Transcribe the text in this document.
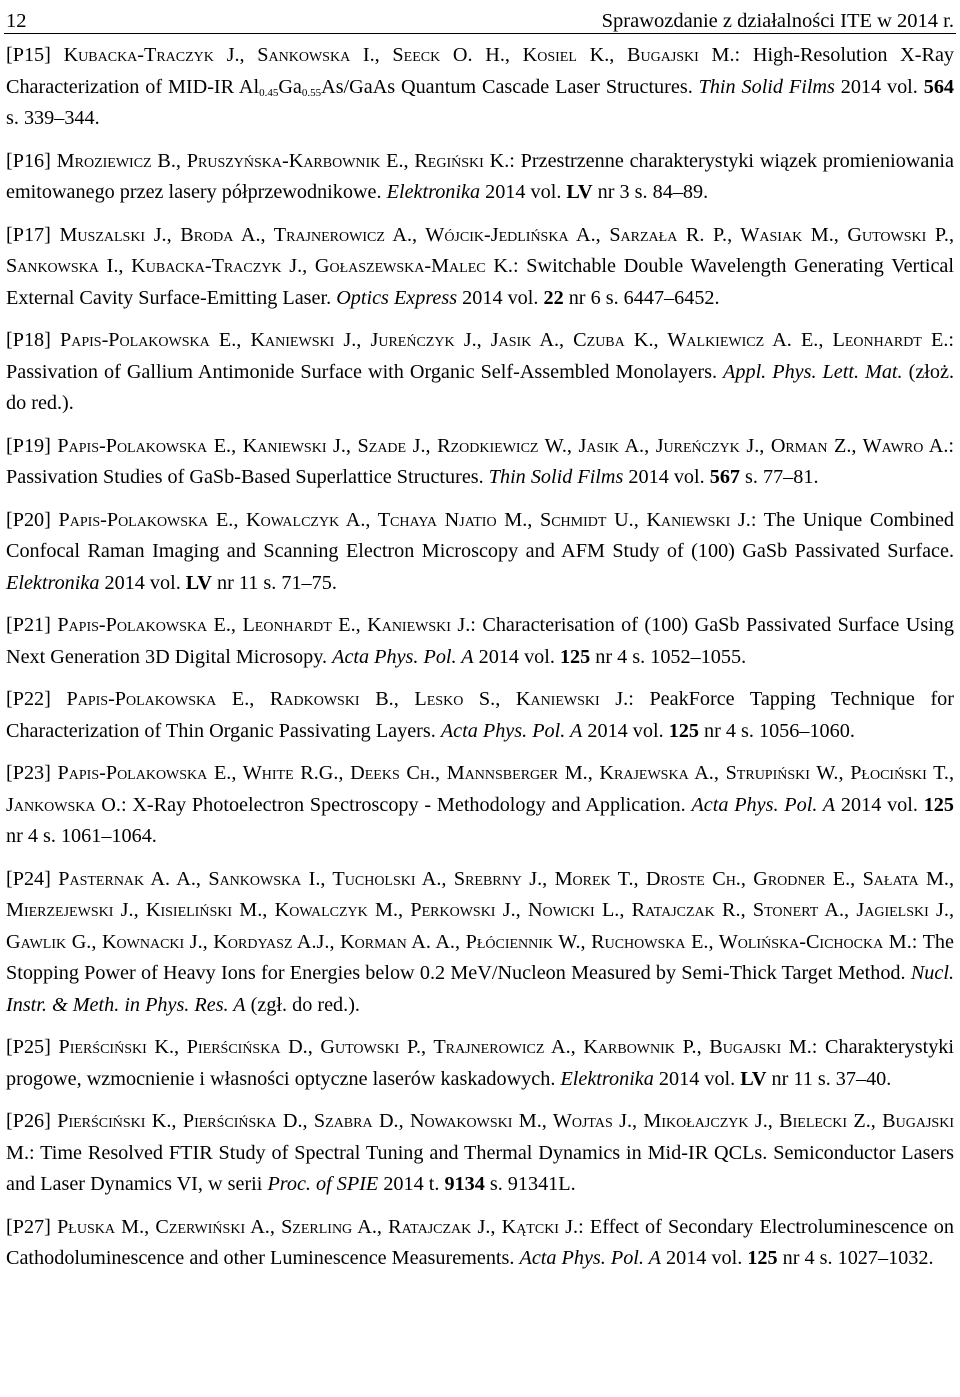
12	Sprawozdanie z działalności ITE w 2014 r.

[P15] Kubacka-Traczyk J., Sankowska I., Seeck O. H., Kosiel K., Bugajski M.: High-Resolution X-Ray Characterization of MID-IR $Al_{0.45}Ga_{0.55}As$/GaAs Quantum Cascade Laser Structures. Thin Solid Films 2014 vol. 564 s. 339–344.

[P16] Mroziewicz B., Pruszyńska-Karbownik E., Regiński K.: Przestrzenne charakterystyki wiązek promieniowania emitowanego przez lasery półprzewodnikowe. Elektronika 2014 vol. LV nr 3 s. 84–89.

[P17] Muszalski J., Broda A., Trajnerowicz A., Wójcik-Jedlińska A., Sarzała R. P., Wasiak M., Gutowski P., Sankowska I., Kubacka-Traczyk J., Gołaszewska-Malec K.: Switchable Double Wavelength Generating Vertical External Cavity Surface-Emitting Laser. Optics Express 2014 vol. 22 nr 6 s. 6447–6452.

[P18] Papis-Polakowska E., Kaniewski J., Jureńczyk J., Jasik A., Czuba K., Walkiewicz A. E., Leonhardt E.: Passivation of Gallium Antimonide Surface with Organic Self-Assembled Monolayers. Appl. Phys. Lett. Mat. (złoż. do red.).

[P19] Papis-Polakowska E., Kaniewski J., Szade J., Rzodkiewicz W., Jasik A., Jureńczyk J., Orman Z., Wawro A.: Passivation Studies of GaSb-Based Superlattice Structures. Thin Solid Films 2014 vol. 567 s. 77–81.

[P20] Papis-Polakowska E., Kowalczyk A., Tchaya Njatio M., Schmidt U., Kaniewski J.: The Unique Combined Confocal Raman Imaging and Scanning Electron Microscopy and AFM Study of (100) GaSb Passivated Surface. Elektronika 2014 vol. LV nr 11 s. 71–75.

[P21] Papis-Polakowska E., Leonhardt E., Kaniewski J.: Characterisation of (100) GaSb Passivated Surface Using Next Generation 3D Digital Microsopy. Acta Phys. Pol. A 2014 vol. 125 nr 4 s. 1052–1055.

[P22] Papis-Polakowska E., Radkowski B., Lesko S., Kaniewski J.: PeakForce Tapping Technique for Characterization of Thin Organic Passivating Layers. Acta Phys. Pol. A 2014 vol. 125 nr 4 s. 1056–1060.

[P23] Papis-Polakowska E., White R.G., Deeks Ch., Mannsberger M., Krajewska A., Strupiński W., Płociński T., Jankowska O.: X-Ray Photoelectron Spectroscopy - Methodology and Application. Acta Phys. Pol. A 2014 vol. 125 nr 4 s. 1061–1064.

[P24] Pasternak A. A., Sankowska I., Tucholski A., Srebrny J., Morek T., Droste Ch., Grodner E., Sałata M., Mierzejewski J., Kisieliński M., Kowalczyk M., Perkowski J., Nowicki L., Ratajczak R., Stonert A., Jagielski J., Gawlik G., Kownacki J., Kordyasz A.J., Korman A. A., Płóciennik W., Ruchowska E., Wolińska-Cichocka M.: The Stopping Power of Heavy Ions for Energies below 0.2 MeV/Nucleon Measured by Semi-Thick Target Method. Nucl. Instr. & Meth. in Phys. Res. A (zgł. do red.).

[P25] Pierściński K., Pierścińska D., Gutowski P., Trajnerowicz A., Karbownik P., Bugajski M.: Charakterystyki progowe, wzmocnienie i własności optyczne laserów kaskadowych. Elektronika 2014 vol. LV nr 11 s. 37–40.

[P26] Pierściński K., Pierścińska D., Szabra D., Nowakowski M., Wojtas J., Mikołajczyk J., Bielecki Z., Bugajski M.: Time Resolved FTIR Study of Spectral Tuning and Thermal Dynamics in Mid-IR QCLs. Semiconductor Lasers and Laser Dynamics VI, w serii Proc. of SPIE 2014 t. 9134 s. 91341L.

[P27] Płuska M., Czerwiński A., Szerling A., Ratajczak J., Kątcki J.: Effect of Secondary Electroluminescence on Cathodoluminescence and other Luminescence Measurements. Acta Phys. Pol. A 2014 vol. 125 nr 4 s. 1027–1032.
